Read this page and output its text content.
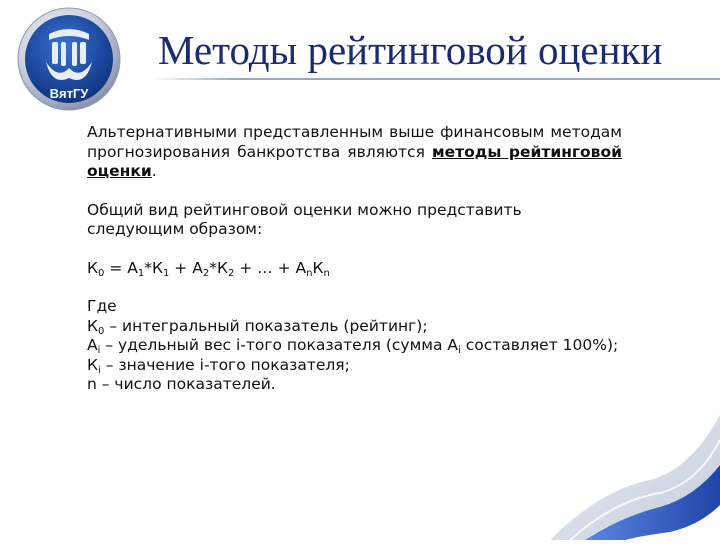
ВятГУ
Методы рейтинговой оценки

Альтернативными представленным выше финансовым методам прогнозирования банкротства являются методы рейтинговой оценки.

Общий вид рейтинговой оценки можно представить следующим образом:

$К_0 = А_1*К_1 + А_2*К_2$ + … + $А_nК_n$

Где

$К_0$ – интегральный показатель (рейтинг);

$А_i$ – удельный вес i-того показателя (сумма $А_i$ составляет 100%);

$К_i$ – значение i-того показателя;

n – число показателей.
